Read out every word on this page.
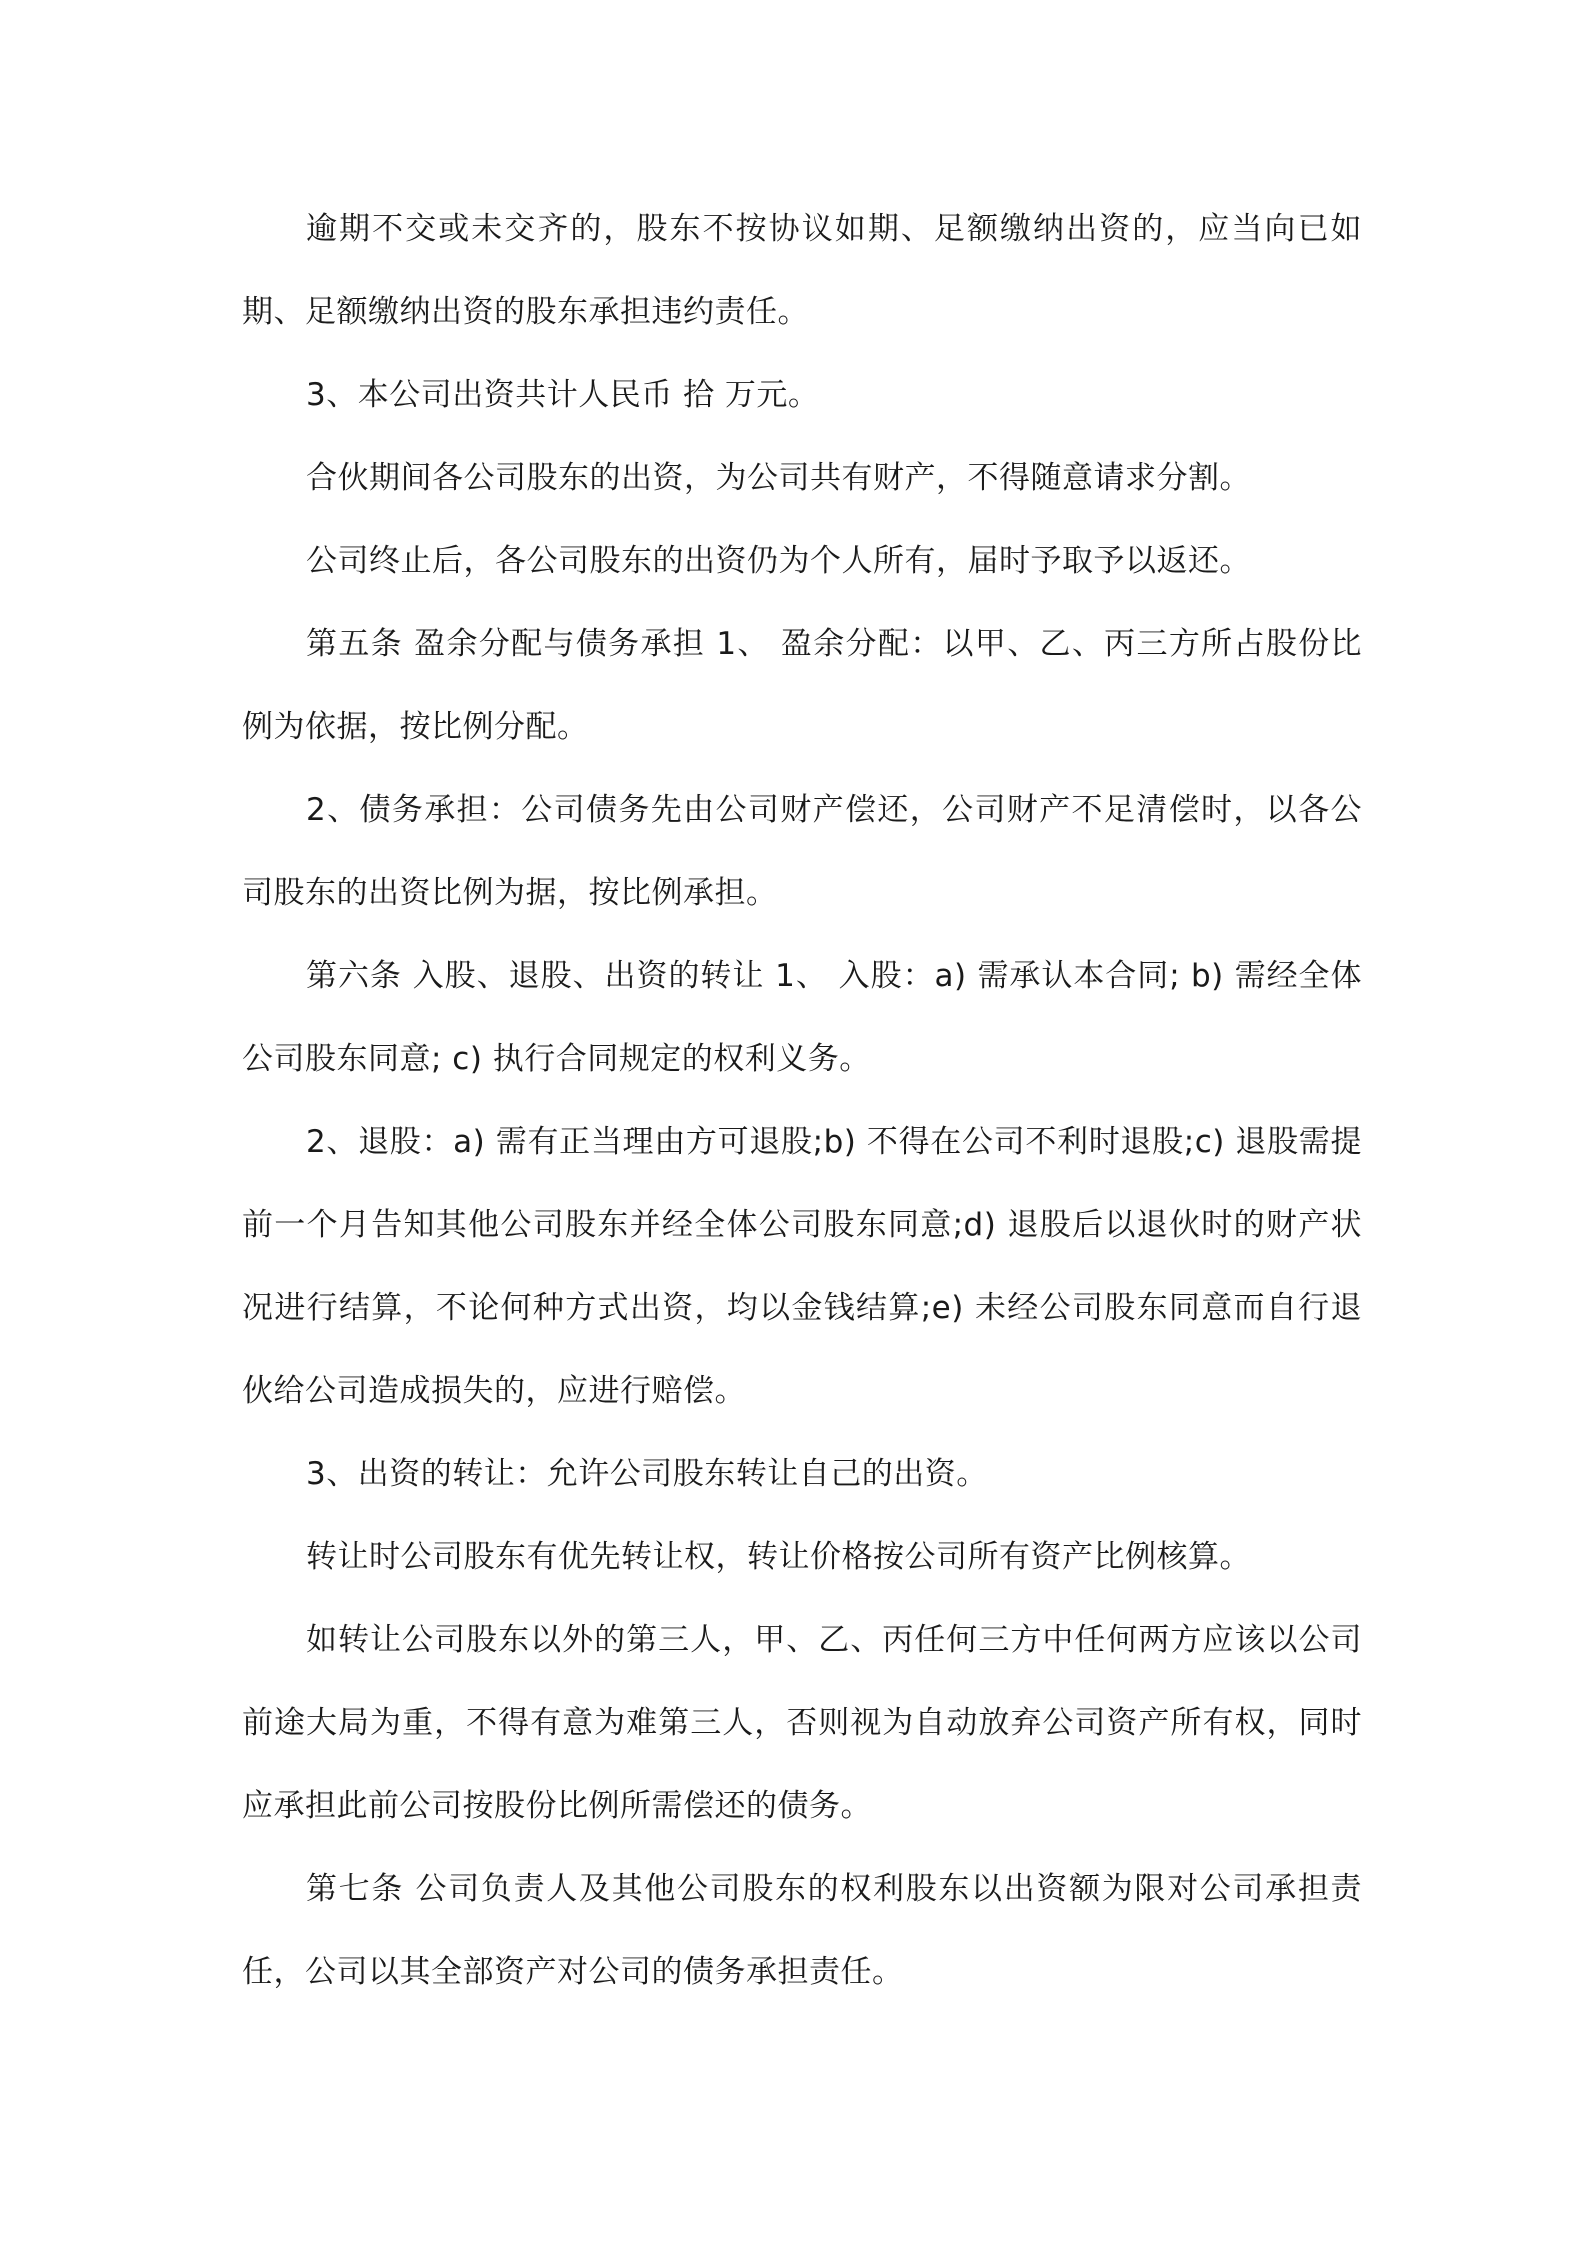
逾期不交或未交齐的，股东不按协议如期、足额缴纳出资的，应当向已如期、足额缴纳出资的股东承担违约责任。

3、本公司出资共计人民币 拾 万元。

合伙期间各公司股东的出资，为公司共有财产，不得随意请求分割。

公司终止后，各公司股东的出资仍为个人所有，届时予取予以返还。

第五条 盈余分配与债务承担 1、 盈余分配：以甲、乙、丙三方所占股份比例为依据，按比例分配。

2、债务承担：公司债务先由公司财产偿还，公司财产不足清偿时，以各公司股东的出资比例为据，按比例承担。

第六条 入股、退股、出资的转让 1、 入股：a) 需承认本合同; b) 需经全体公司股东同意; c) 执行合同规定的权利义务。

2、退股：a) 需有正当理由方可退股;b) 不得在公司不利时退股;c) 退股需提前一个月告知其他公司股东并经全体公司股东同意;d) 退股后以退伙时的财产状况进行结算，不论何种方式出资，均以金钱结算;e) 未经公司股东同意而自行退伙给公司造成损失的，应进行赔偿。

3、出资的转让：允许公司股东转让自己的出资。

转让时公司股东有优先转让权，转让价格按公司所有资产比例核算。

如转让公司股东以外的第三人，甲、乙、丙任何三方中任何两方应该以公司前途大局为重，不得有意为难第三人，否则视为自动放弃公司资产所有权，同时应承担此前公司按股份比例所需偿还的债务。

第七条 公司负责人及其他公司股东的权利股东以出资额为限对公司承担责任，公司以其全部资产对公司的债务承担责任。
